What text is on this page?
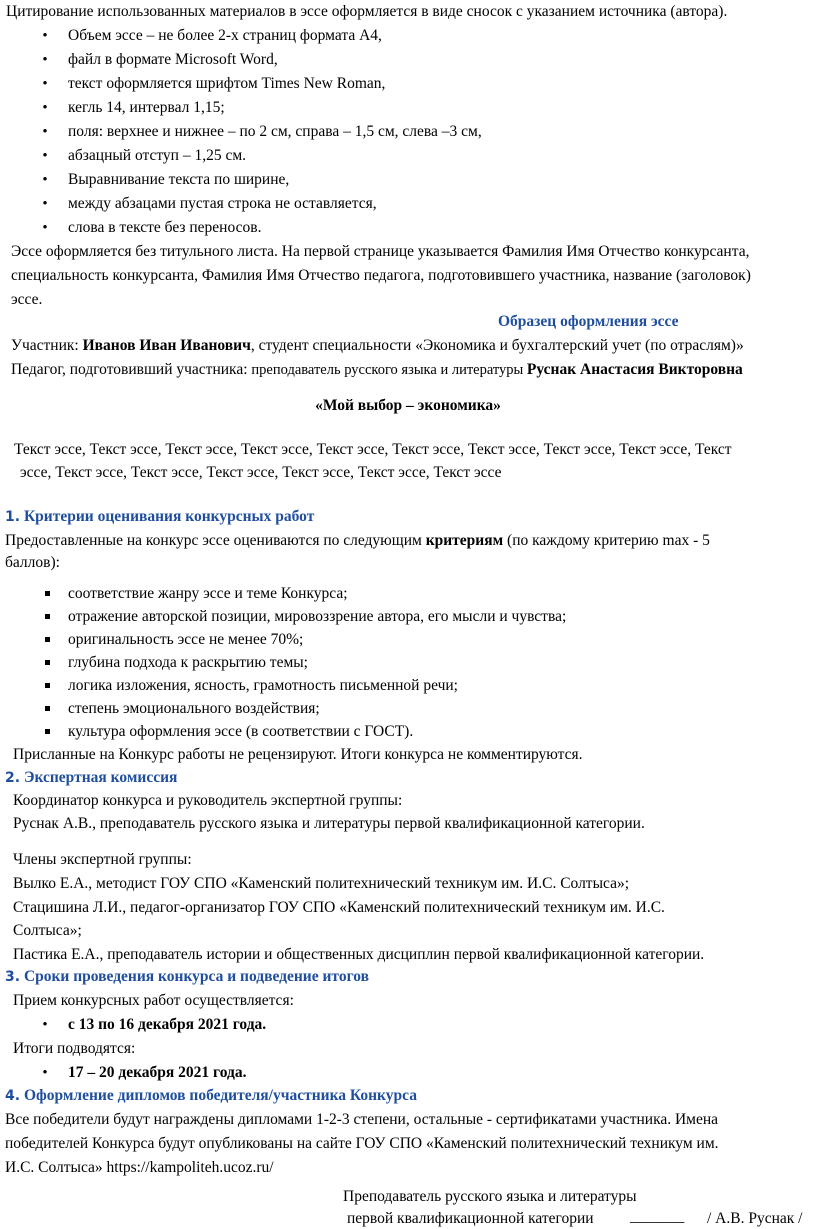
Цитирование использованных материалов в эссе оформляется в виде сносок с указанием источника (автора).
• Объем эссе – не более 2-х страниц формата А4,
• файл в формате Microsoft Word,
• текст оформляется шрифтом Times New Roman,
• кегль 14, интервал 1,15;
• поля: верхнее и нижнее – по 2 см, справа – 1,5 см, слева –3 см,
• абзацный отступ – 1,25 см.
• Выравнивание текста по ширине,
• между абзацами пустая строка не оставляется,
• слова в тексте без переносов.
Эссе оформляется без титульного листа. На первой странице указывается Фамилия Имя Отчество конкурсанта,
специальность конкурсанта, Фамилия Имя Отчество педагога, подготовившего участника, название (заголовок)
эссе.
Образец оформления эссе
Участник: Иванов Иван Иванович, студент специальности «Экономика и бухгалтерский учет (по отраслям)»
Педагог, подготовивший участника: преподаватель русского языка и литературы Руснак Анастасия Викторовна
«Мой выбор – экономика»
Текст эссе, Текст эссе, Текст эссе, Текст эссе, Текст эссе, Текст эссе, Текст эссе, Текст эссе, Текст эссе, Текст
эссе, Текст эссе, Текст эссе, Текст эссе, Текст эссе, Текст эссе, Текст эссе
1. Критерии оценивания конкурсных работ
Предоставленные на конкурс эссе оцениваются по следующим критериям (по каждому критерию max - 5
баллов):
соответствие жанру эссе и теме Конкурса;
отражение авторской позиции, мировоззрение автора, его мысли и чувства;
оригинальность эссе не менее 70%;
глубина подхода к раскрытию темы;
логика изложения, ясность, грамотность письменной речи;
степень эмоционального воздействия;
культура оформления эссе (в соответствии с ГОСТ).
Присланные на Конкурс работы не рецензируют. Итоги конкурса не комментируются.
2. Экспертная комиссия
Координатор конкурса и руководитель экспертной группы:
Руснак А.В., преподаватель русского языка и литературы первой квалификационной категории.
Члены экспертной группы:
Вылко Е.А., методист ГОУ СПО «Каменский политехнический техникум им. И.С. Солтыса»;
Стацишина Л.И., педагог-организатор ГОУ СПО «Каменский политехнический техникум им. И.С.
Солтыса»;
Пастика Е.А., преподаватель истории и общественных дисциплин первой квалификационной категории.
3. Сроки проведения конкурса и подведение итогов
Прием конкурсных работ осуществляется:
• с 13 по 16 декабря 2021 года.
Итоги подводятся:
• 17 – 20 декабря 2021 года.
4. Оформление дипломов победителя/участника Конкурса
Все победители будут награждены дипломами 1-2-3 степени, остальные - сертификатами участника. Имена
победителей Конкурса будут опубликованы на сайте ГОУ СПО «Каменский политехнический техникум им.
И.С. Солтыса» https://kampoliteh.ucoz.ru/
Преподаватель русского языка и литературы
первой квалификационной категории _______ / А.В. Руснак /
